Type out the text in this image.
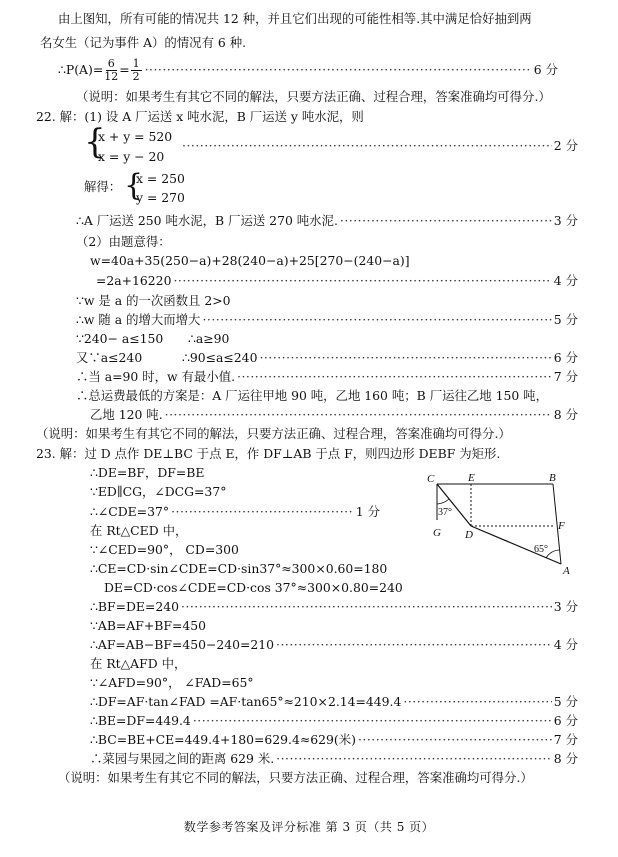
由上图知，所有可能的情况共 12 种，并且它们出现的可能性相等.其中满足恰好抽到两
名女生（记为事件 A）的情况有 6 种.
∴P(A)= $\frac{6}{12} = \frac{1}{2}$ ·····	6 分
（说明：如果考生有其它不同的解法，只要方法正确、过程合理，答案准确均可得分.）
22. 解：(1) 设 A 厂运送 x 吨水泥，B 厂运送 y 吨水泥，则
{
x + y = 520
·····
2 分
x = y − 20
解得： {
x = 250
y = 270
∴A 厂运送 250 吨水泥，B 厂运送 270 吨水泥. ·····	3 分
（2）由题意得：
w=40a+35(250−a)+28(240−a)+25[270−(240−a)]
=2a+16220 ·····	4 分
∵w 是 a 的一次函数且 2>0
∴w 随 a 的增大而增大 ·····	5 分
∵240− a≤150 ∴a≥90
又∵a≤240	∴90≤a≤240 ·····	6 分
∴当 a=90 时，w 有最小值. ·····	7 分
∴总运费最低的方案是：A 厂运往甲地 90 吨，乙地 160 吨；B 厂运往乙地 150 吨，
乙地 120 吨. ·····	8 分
（说明：如果考生有其它不同的解法，只要方法正确、过程合理，答案准确均可得分.）
23. 解：过 D 点作 DE⊥BC 于点 E，作 DF⊥AB 于点 F，则四边形 DEBF 为矩形.
∴DE=BF，DF=BE
∵ED∥CG，∠DCG=37°
∴∠CDE=37° ·····	1 分
在 Rt△CED 中，
∵∠CED=90°， CD=300
∴CE=CD·sin∠CDE=CD·sin37°≈300×0.60=180
DE=CD·cos∠CDE=CD·cos 37°≈300×0.80=240
∴BF=DE=240 ·····	3 分
∵AB=AF+BF=450
∴AF=AB−BF=450−240=210 ·····	4 分
在 Rt△AFD 中，
∵∠AFD=90°， ∠FAD=65°
∴DF=AF·tan∠FAD =AF·tan65°≈210×2.14=449.4 ·····	5 分
∴BE=DF=449.4 ·····	6 分
∴BC=BE+CE=449.4+180=629.4≈629(米) ·····	7 分
∴菜园与果园之间的距离 629 米. ·····	8 分
（说明：如果考生有其它不同的解法，只要方法正确、过程合理，答案准确均可得分.）
数学参考答案及评分标准 第 3 页（共 5 页）
C	E	B
F
G D
A
37°
65°
